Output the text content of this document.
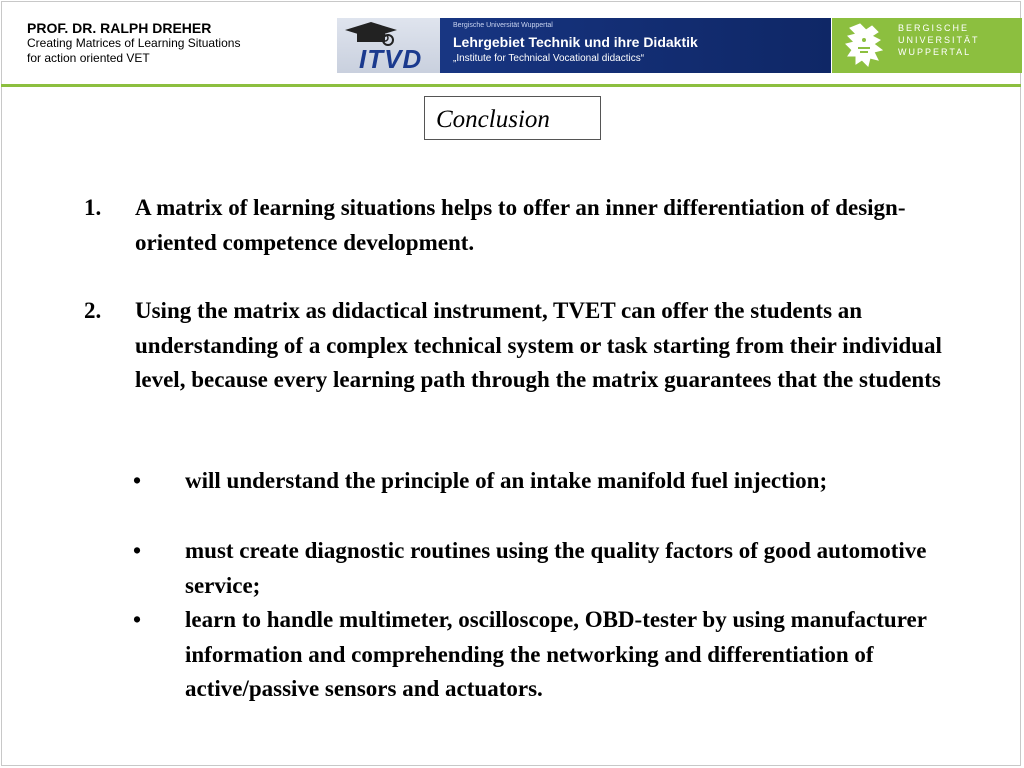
PROF. DR. RALPH DREHER
Creating Matrices of Learning Situations
for action oriented VET	ITVD
Bergische Universität Wuppertal
Lehrgebiet Technik und ihre Didaktik
„Institute for Technical Vocational didactics“
BERGISCHE
UNIVERSITÄT
WUPPERTAL
Conclusion
1. A matrix of learning situations helps to offer an inner differentiation of design-oriented competence development.
2. Using the matrix as didactical instrument, TVET can offer the students an understanding of a complex technical system or task starting from their individual level, because every learning path through the matrix guarantees that the students
• will understand the principle of an intake manifold fuel injection;
• must create diagnostic routines using the quality factors of good automotive service;
• learn to handle multimeter, oscilloscope, OBD-tester by using manufacturer information and comprehending the networking and differentiation of active/passive sensors and actuators.
